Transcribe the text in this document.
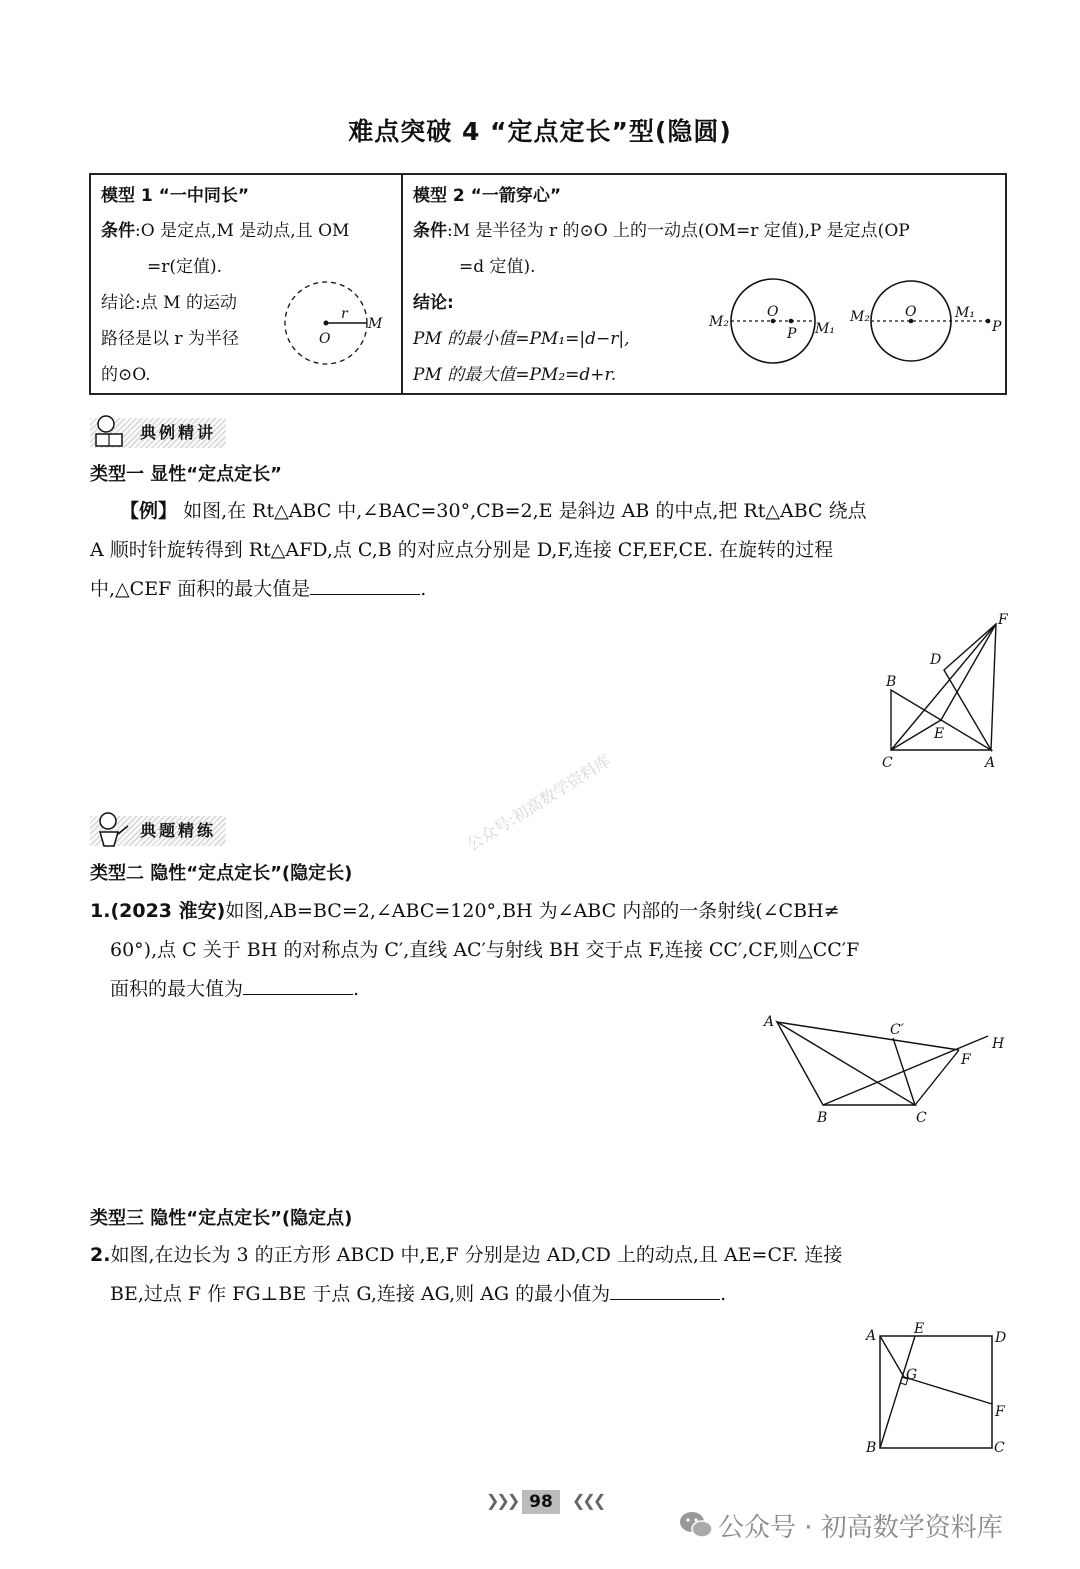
难点突破 4 “定点定长”型(隐圆)
模型 1 “一中同长”
条件:O 是定点,M 是动点,且 OM
=r(定值).
结论:点 M 的运动
路径是以 r 为半径
的⊙O.
O
M
r

模型 2 “一箭穿心”
条件:M 是半径为 r 的⊙O 上的一动点(OM=r 定值),P 是定点(OP
=d 定值).
结论:
PM 的最小值=PM₁=|d−r|,
PM 的最大值=PM₂=d+r.
M₂
O
P M₁
M₂	O	M₁
P
典例精讲
类型一 显性“定点定长”
【例】 如图,在 Rt△ABC 中,∠BAC=30°,CB=2,E 是斜边 AB 的中点,把 Rt△ABC 绕点
A 顺时针旋转得到 Rt△AFD,点 C,B 的对应点分别是 D,F,连接 CF,EF,CE. 在旋转的过程
中,△CEF 面积的最大值是	.
F
D
B
E
C	A
公众号:初高数学资料库
典题精练
类型二 隐性“定点定长”(隐定长)
1.(2023 淮安)如图,AB=BC=2,∠ABC=120°,BH 为∠ABC 内部的一条射线(∠CBH≠
60°),点 C 关于 BH 的对称点为 C′,直线 AC′与射线 BH 交于点 F,连接 CC′,CF,则△CC′F
面积的最大值为	.
A	C′
H
F
B	C
类型三 隐性“定点定长”(隐定点)
2.如图,在边长为 3 的正方形 ABCD 中,E,F 分别是边 AD,CD 上的动点,且 AE=CF. 连接
BE,过点 F 作 FG⊥BE 于点 G,连接 AG,则 AG 的最小值为	.
A	E
D
G
F
B	C
❯❯❯ 98	❮❮❮
公众号 · 初高数学资料库
